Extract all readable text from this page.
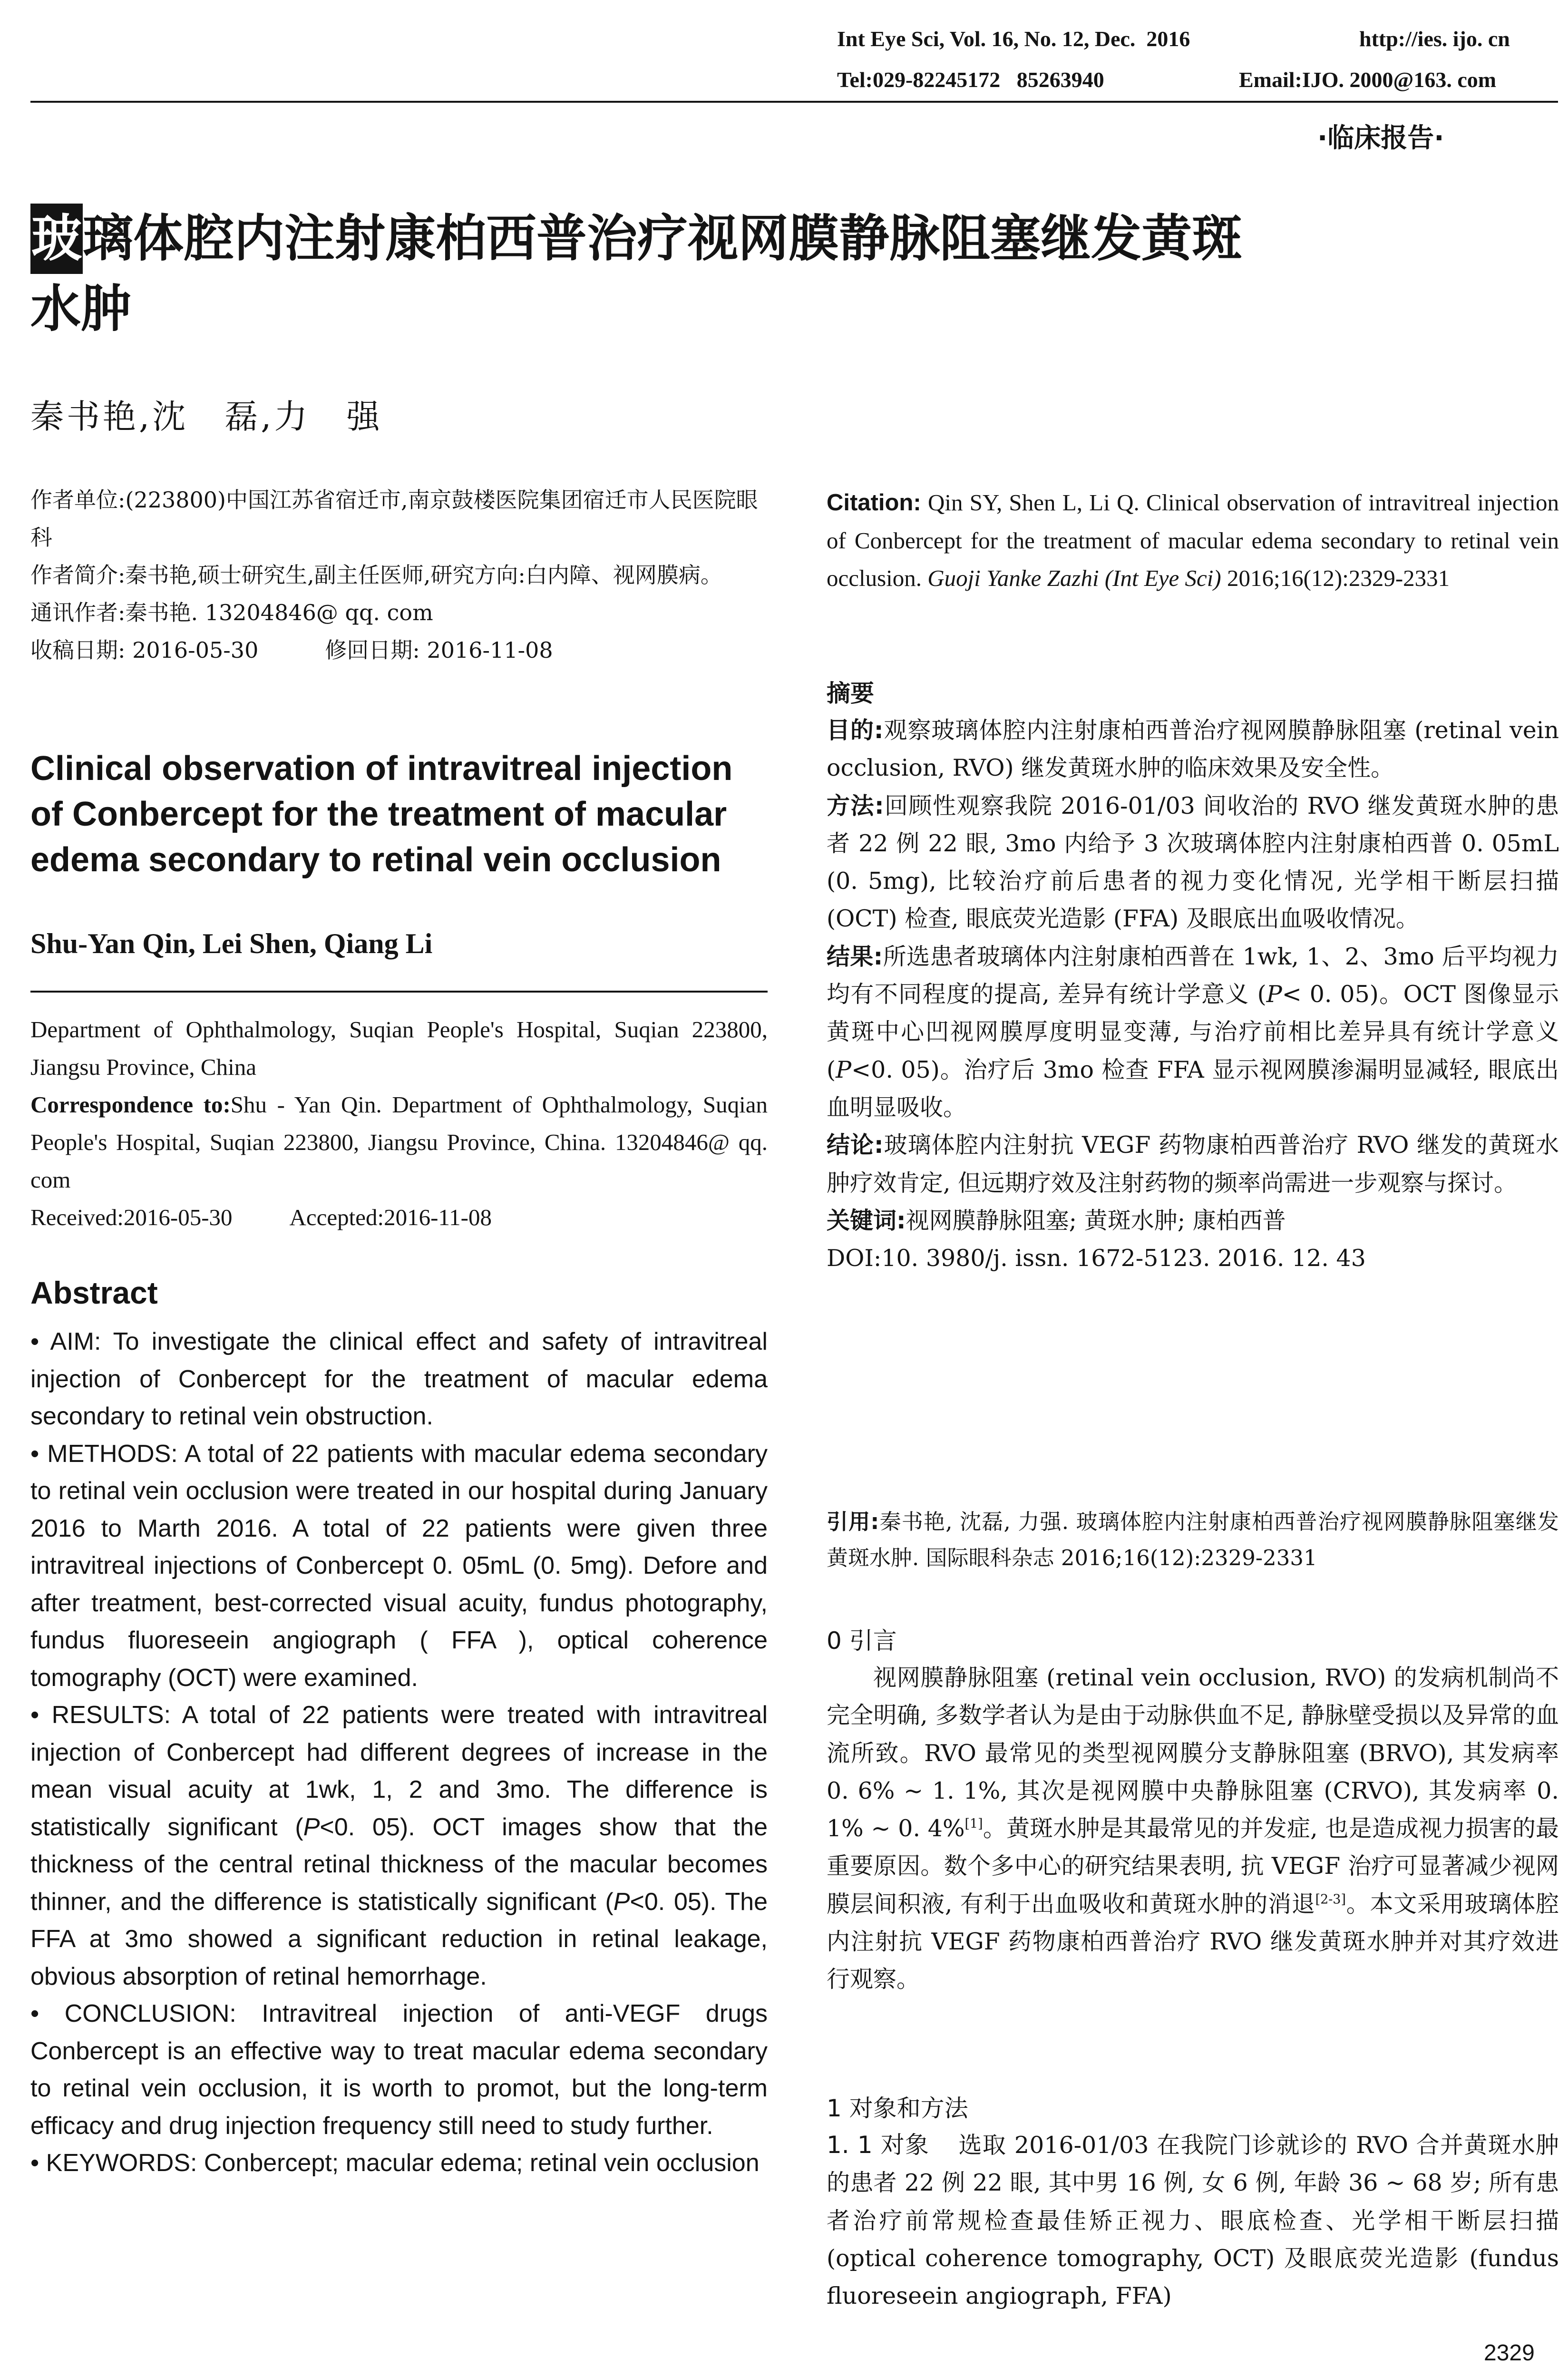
Int Eye Sci, Vol. 16, No. 12, Dec.  2016	http://ies. ijo. cn
Tel:029-82245172   85263940	Email:IJO. 2000@163. com
·临床报告·
玻璃体腔内注射康柏西普治疗视网膜静脉阻塞继发黄斑
水肿
秦书艳,沈　磊,力　强
作者单位:(223800)中国江苏省宿迁市,南京鼓楼医院集团宿迁市人民医院眼科
作者简介:秦书艳,硕士研究生,副主任医师,研究方向:白内障、视网膜病。
通讯作者:秦书艳. 13204846@ qq. com
收稿日期: 2016-05-30	修回日期: 2016-11-08
Clinical observation of intravitreal injection of Conbercept for the treatment of macular edema secondary to retinal vein occlusion
Shu-Yan Qin, Lei Shen, Qiang Li
Department of Ophthalmology, Suqian People's Hospital, Suqian 223800, Jiangsu Province, China
Correspondence to:Shu - Yan Qin. Department of Ophthalmology, Suqian People's Hospital, Suqian 223800, Jiangsu Province, China. 13204846@ qq. com
Received:2016-05-30 Accepted:2016-11-08
Abstract

• AIM: To investigate the clinical effect and safety of intravitreal injection of Conbercept for the treatment of macular edema secondary to retinal vein obstruction.

• METHODS: A total of 22 patients with macular edema secondary to retinal vein occlusion were treated in our hospital during January 2016 to Marth 2016. A total of 22 patients were given three intravitreal injections of Conbercept 0. 05mL (0. 5mg). Defore and after treatment, best-corrected visual acuity, fundus photography, fundus fluoreseein angiograph ( FFA ), optical coherence tomography (OCT) were examined.

• RESULTS: A total of 22 patients were treated with intravitreal injection of Conbercept had different degrees of increase in the mean visual acuity at 1wk, 1, 2 and 3mo. The difference is statistically significant (P<0. 05). OCT images show that the thickness of the central retinal thickness of the macular becomes thinner, and the difference is statistically significant (P<0. 05). The FFA at 3mo showed a significant reduction in retinal leakage, obvious absorption of retinal hemorrhage.

• CONCLUSION: Intravitreal injection of anti-VEGF drugs Conbercept is an effective way to treat macular edema secondary to retinal vein occlusion, it is worth to promot, but the long-term efficacy and drug injection frequency still need to study further.

• KEYWORDS: Conbercept; macular edema; retinal vein occlusion

Citation: Qin SY, Shen L, Li Q. Clinical observation of intravitreal injection of Conbercept for the treatment of macular edema secondary to retinal vein occlusion. Guoji Yanke Zazhi (Int Eye Sci) 2016;16(12):2329-2331
摘要

目的:观察玻璃体腔内注射康柏西普治疗视网膜静脉阻塞 (retinal vein occlusion, RVO) 继发黄斑水肿的临床效果及安全性。

方法:回顾性观察我院 2016-01/03 间收治的 RVO 继发黄斑水肿的患者 22 例 22 眼, 3mo 内给予 3 次玻璃体腔内注射康柏西普 0. 05mL (0. 5mg), 比较治疗前后患者的视力变化情况, 光学相干断层扫描 (OCT) 检查, 眼底荧光造影 (FFA) 及眼底出血吸收情况。

结果:所选患者玻璃体内注射康柏西普在 1wk, 1、2、3mo 后平均视力均有不同程度的提高, 差异有统计学意义 (P< 0. 05)。OCT 图像显示黄斑中心凹视网膜厚度明显变薄, 与治疗前相比差异具有统计学意义 (P<0. 05)。治疗后 3mo 检查 FFA 显示视网膜渗漏明显减轻, 眼底出血明显吸收。

结论:玻璃体腔内注射抗 VEGF 药物康柏西普治疗 RVO 继发的黄斑水肿疗效肯定, 但远期疗效及注射药物的频率尚需进一步观察与探讨。

关键词:视网膜静脉阻塞; 黄斑水肿; 康柏西普

DOI:10. 3980/j. issn. 1672-5123. 2016. 12. 43

引用:秦书艳, 沈磊, 力强. 玻璃体腔内注射康柏西普治疗视网膜静脉阻塞继发黄斑水肿. 国际眼科杂志 2016;16(12):2329-2331
0 引言
视网膜静脉阻塞 (retinal vein occlusion, RVO) 的发病机制尚不完全明确, 多数学者认为是由于动脉供血不足, 静脉壁受损以及异常的血流所致。RVO 最常见的类型视网膜分支静脉阻塞 (BRVO), 其发病率 0. 6% ~ 1. 1%, 其次是视网膜中央静脉阻塞 (CRVO), 其发病率 0. 1% ~ 0. 4%[1]。黄斑水肿是其最常见的并发症, 也是造成视力损害的最重要原因。数个多中心的研究结果表明, 抗 VEGF 治疗可显著减少视网膜层间积液, 有利于出血吸收和黄斑水肿的消退[2-3]。本文采用玻璃体腔内注射抗 VEGF 药物康柏西普治疗 RVO 继发黄斑水肿并对其疗效进行观察。
1 对象和方法
1. 1 对象 选取 2016-01/03 在我院门诊就诊的 RVO 合并黄斑水肿的患者 22 例 22 眼, 其中男 16 例, 女 6 例, 年龄 36 ~ 68 岁; 所有患者治疗前常规检查最佳矫正视力、眼底检查、光学相干断层扫描 (optical coherence tomography, OCT) 及眼底荧光造影 (fundus fluoreseein angiograph, FFA)
2329
